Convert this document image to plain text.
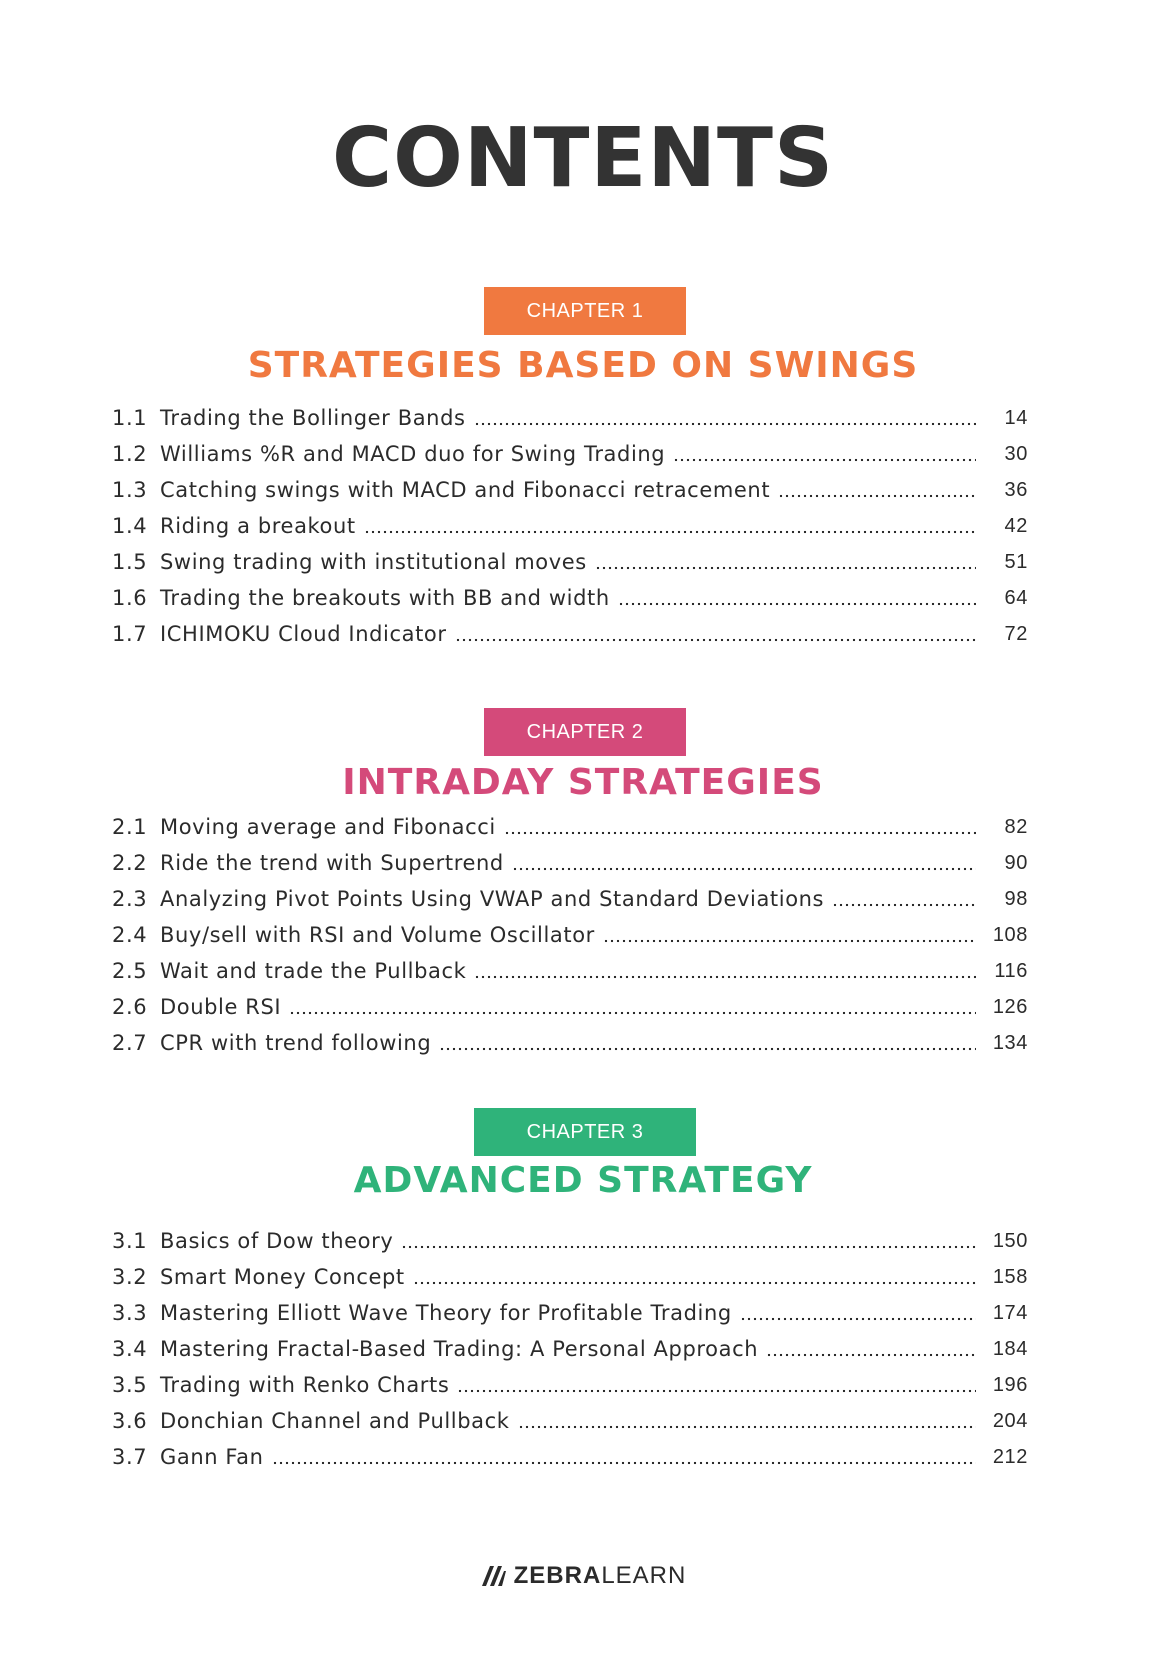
CONTENTS
CHAPTER 1
STRATEGIES BASED ON SWINGS
1.1 Trading the Bollinger Bands	14
1.2 Williams %R and MACD duo for Swing Trading	30
1.3 Catching swings with MACD and Fibonacci retracement	36
1.4 Riding a breakout	42
1.5 Swing trading with institutional moves	51
1.6 Trading the breakouts with BB and width	64
1.7 ICHIMOKU Cloud Indicator	72
CHAPTER 2
INTRADAY STRATEGIES
2.1 Moving average and Fibonacci	82
2.2 Ride the trend with Supertrend	90
2.3 Analyzing Pivot Points Using VWAP and Standard Deviations	98
2.4 Buy/sell with RSI and Volume Oscillator	108
2.5 Wait and trade the Pullback	116
2.6 Double RSI	126
2.7 CPR with trend following	134
CHAPTER 3
ADVANCED STRATEGY
3.1 Basics of Dow theory	150
3.2 Smart Money Concept	158
3.3 Mastering Elliott Wave Theory for Profitable Trading	174
3.4 Mastering Fractal-Based Trading: A Personal Approach	184
3.5 Trading with Renko Charts	196
3.6 Donchian Channel and Pullback	204
3.7 Gann Fan	212
ZEBRA LEARN
